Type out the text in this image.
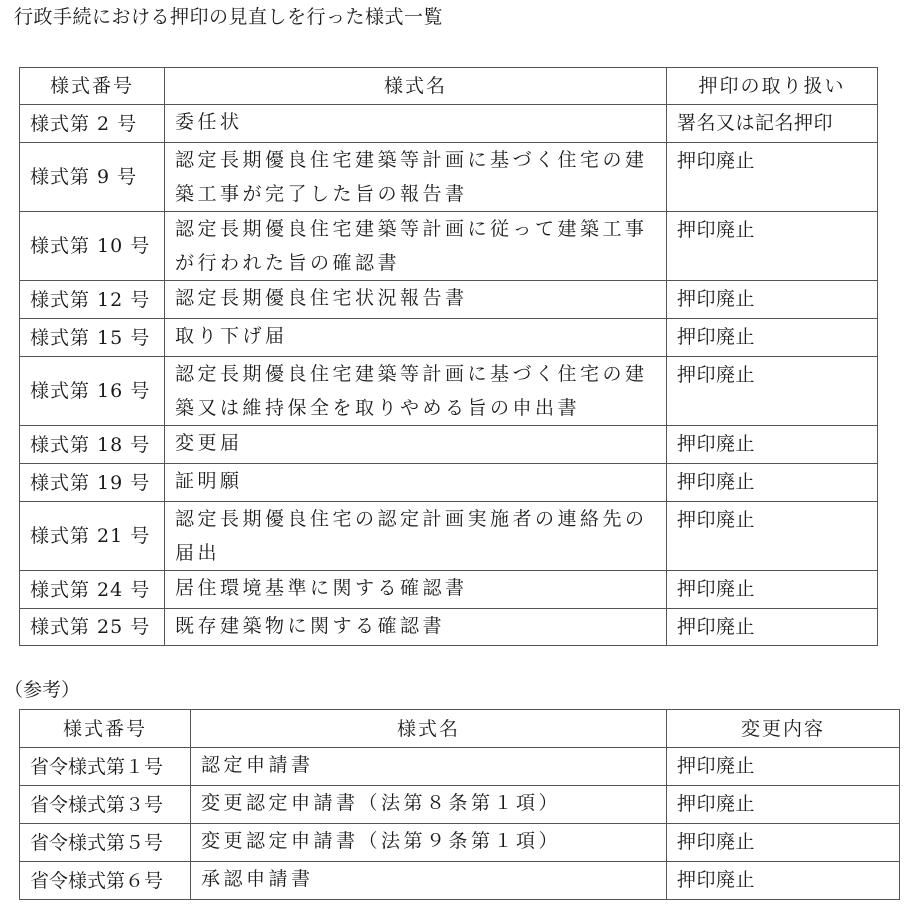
行政手続における押印の見直しを行った様式一覧
様式番号	様式名	押印の取り扱い
様式第 2 号	委任状	署名又は記名押印
様式第 9 号	認定長期優良住宅建築等計画に基づく住宅の建築工事が完了した旨の報告書	押印廃止
様式第 10 号	認定長期優良住宅建築等計画に従って建築工事が行われた旨の確認書	押印廃止
様式第 12 号	認定長期優良住宅状況報告書	押印廃止
様式第 15 号	取り下げ届	押印廃止
様式第 16 号	認定長期優良住宅建築等計画に基づく住宅の建築又は維持保全を取りやめる旨の申出書	押印廃止
様式第 18 号	変更届	押印廃止
様式第 19 号	証明願	押印廃止
様式第 21 号	認定長期優良住宅の認定計画実施者の連絡先の届出	押印廃止
様式第 24 号	居住環境基準に関する確認書	押印廃止
様式第 25 号	既存建築物に関する確認書	押印廃止
（参考）
様式番号	様式名	変更内容
省令様式第１号	認定申請書	押印廃止
省令様式第３号	変更認定申請書（法第８条第１項）	押印廃止
省令様式第５号	変更認定申請書（法第９条第１項）	押印廃止
省令様式第６号	承認申請書	押印廃止
